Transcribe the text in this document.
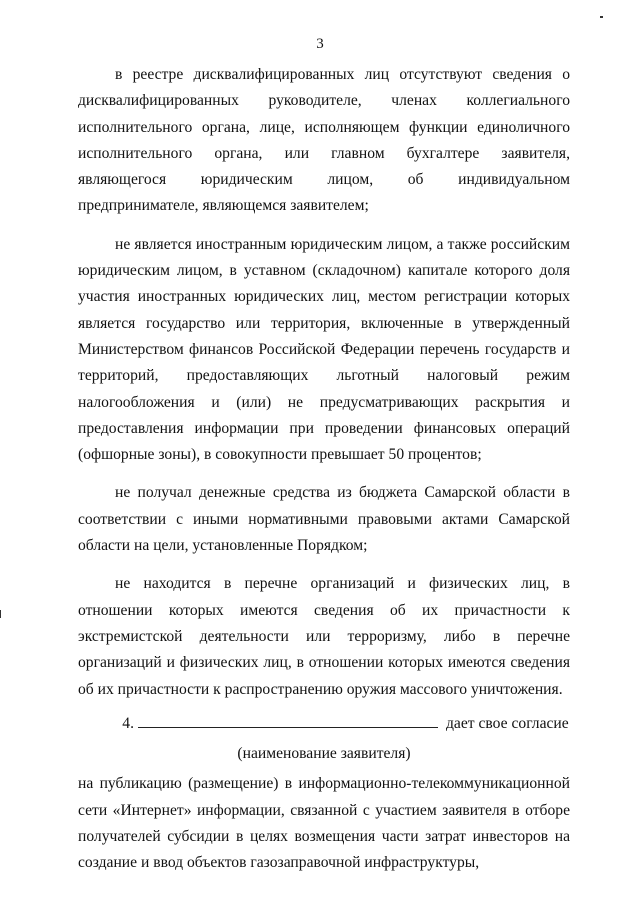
3

в реестре дисквалифицированных лиц отсутствуют сведения о дисквалифицированных руководителе, членах коллегиального исполнительного органа, лице, исполняющем функции единоличного исполнительного органа, или главном бухгалтере заявителя, являющегося юридическим лицом, об индивидуальном предпринимателе, являющемся заявителем;

не является иностранным юридическим лицом, а также российским юридическим лицом, в уставном (складочном) капитале которого доля участия иностранных юридических лиц, местом регистрации которых является государство или территория, включенные в утвержденный Министерством финансов Российской Федерации перечень государств и территорий, предоставляющих льготный налоговый режим налогообложения и (или) не предусматривающих раскрытия и предоставления информации при проведении финансовых операций (офшорные зоны), в совокупности превышает 50 процентов;

не получал денежные средства из бюджета Самарской области в соответствии с иными нормативными правовыми актами Самарской области на цели, установленные Порядком;

не находится в перечне организаций и физических лиц, в отношении которых имеются сведения об их причастности к экстремистской деятельности или терроризму, либо в перечне организаций и физических лиц, в отношении которых имеются сведения об их причастности к распространению оружия массового уничтожения.

4.	дает свое согласие
(наименование заявителя)

на публикацию (размещение) в информационно-телекоммуникационной сети «Интернет» информации, связанной с участием заявителя в отборе получателей субсидии в целях возмещения части затрат инвесторов на создание и ввод объектов газозаправочной инфраструктуры,
